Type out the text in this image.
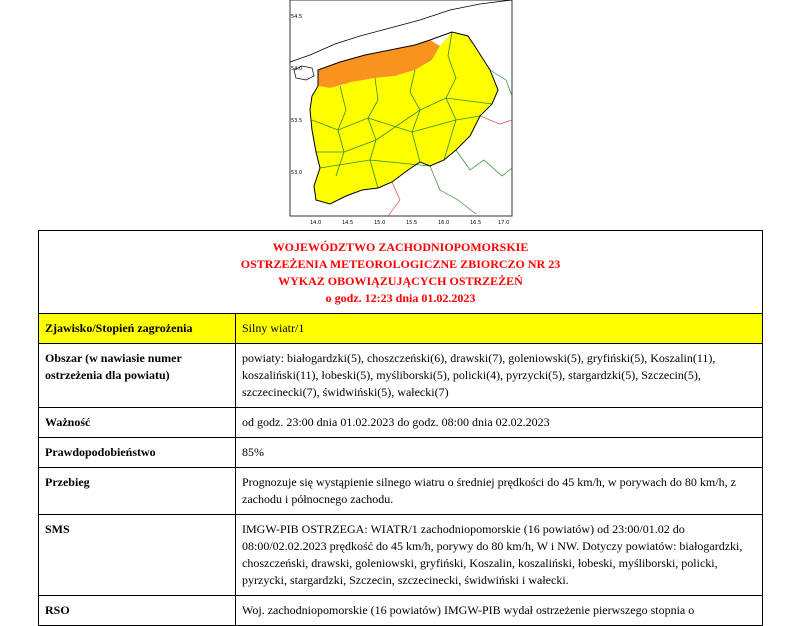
54.5
54.0
53.5
53.0
14.0	14.5	15.0	15.5	16.0	16.5	17.0
WOJEWÓDZTWO ZACHODNIOPOMORSKIE
OSTRZEŻENIA METEOROLOGICZNE ZBIORCZO NR 23
WYKAZ OBOWIĄZUJĄCYCH OSTRZEŻEŃ
o godz. 12:23 dnia 01.02.2023	

Zjawisko/Stopień zagrożenia	Silny wiatr/1
Obszar (w nawiasie numer ostrzeżenia dla powiatu)	powiaty: białogardzki(5), choszczeński(6), drawski(7), goleniowski(5), gryfiński(5), Koszalin(11), koszaliński(11), łobeski(5), myśliborski(5), policki(4), pyrzycki(5), stargardzki(5), Szczecin(5), szczecinecki(7), świdwiński(5), wałecki(7)
Ważność	od godz. 23:00 dnia 01.02.2023 do godz. 08:00 dnia 02.02.2023
Prawdopodobieństwo	85%
Przebieg	Prognozuje się wystąpienie silnego wiatru o średniej prędkości do 45 km/h, w porywach do 80 km/h, z zachodu i północnego zachodu.
SMS	IMGW-PIB OSTRZEGA: WIATR/1 zachodniopomorskie (16 powiatów) od 23:00/01.02 do 08:00/02.02.2023 prędkość do 45 km/h, porywy do 80 km/h, W i NW. Dotyczy powiatów: białogardzki, choszczeński, drawski, goleniowski, gryfiński, Koszalin, koszaliński, łobeski, myśliborski, policki, pyrzycki, stargardzki, Szczecin, szczecinecki, świdwiński i wałecki.
RSO	Woj. zachodniopomorskie (16 powiatów) IMGW-PIB wydał ostrzeżenie pierwszego stopnia o
